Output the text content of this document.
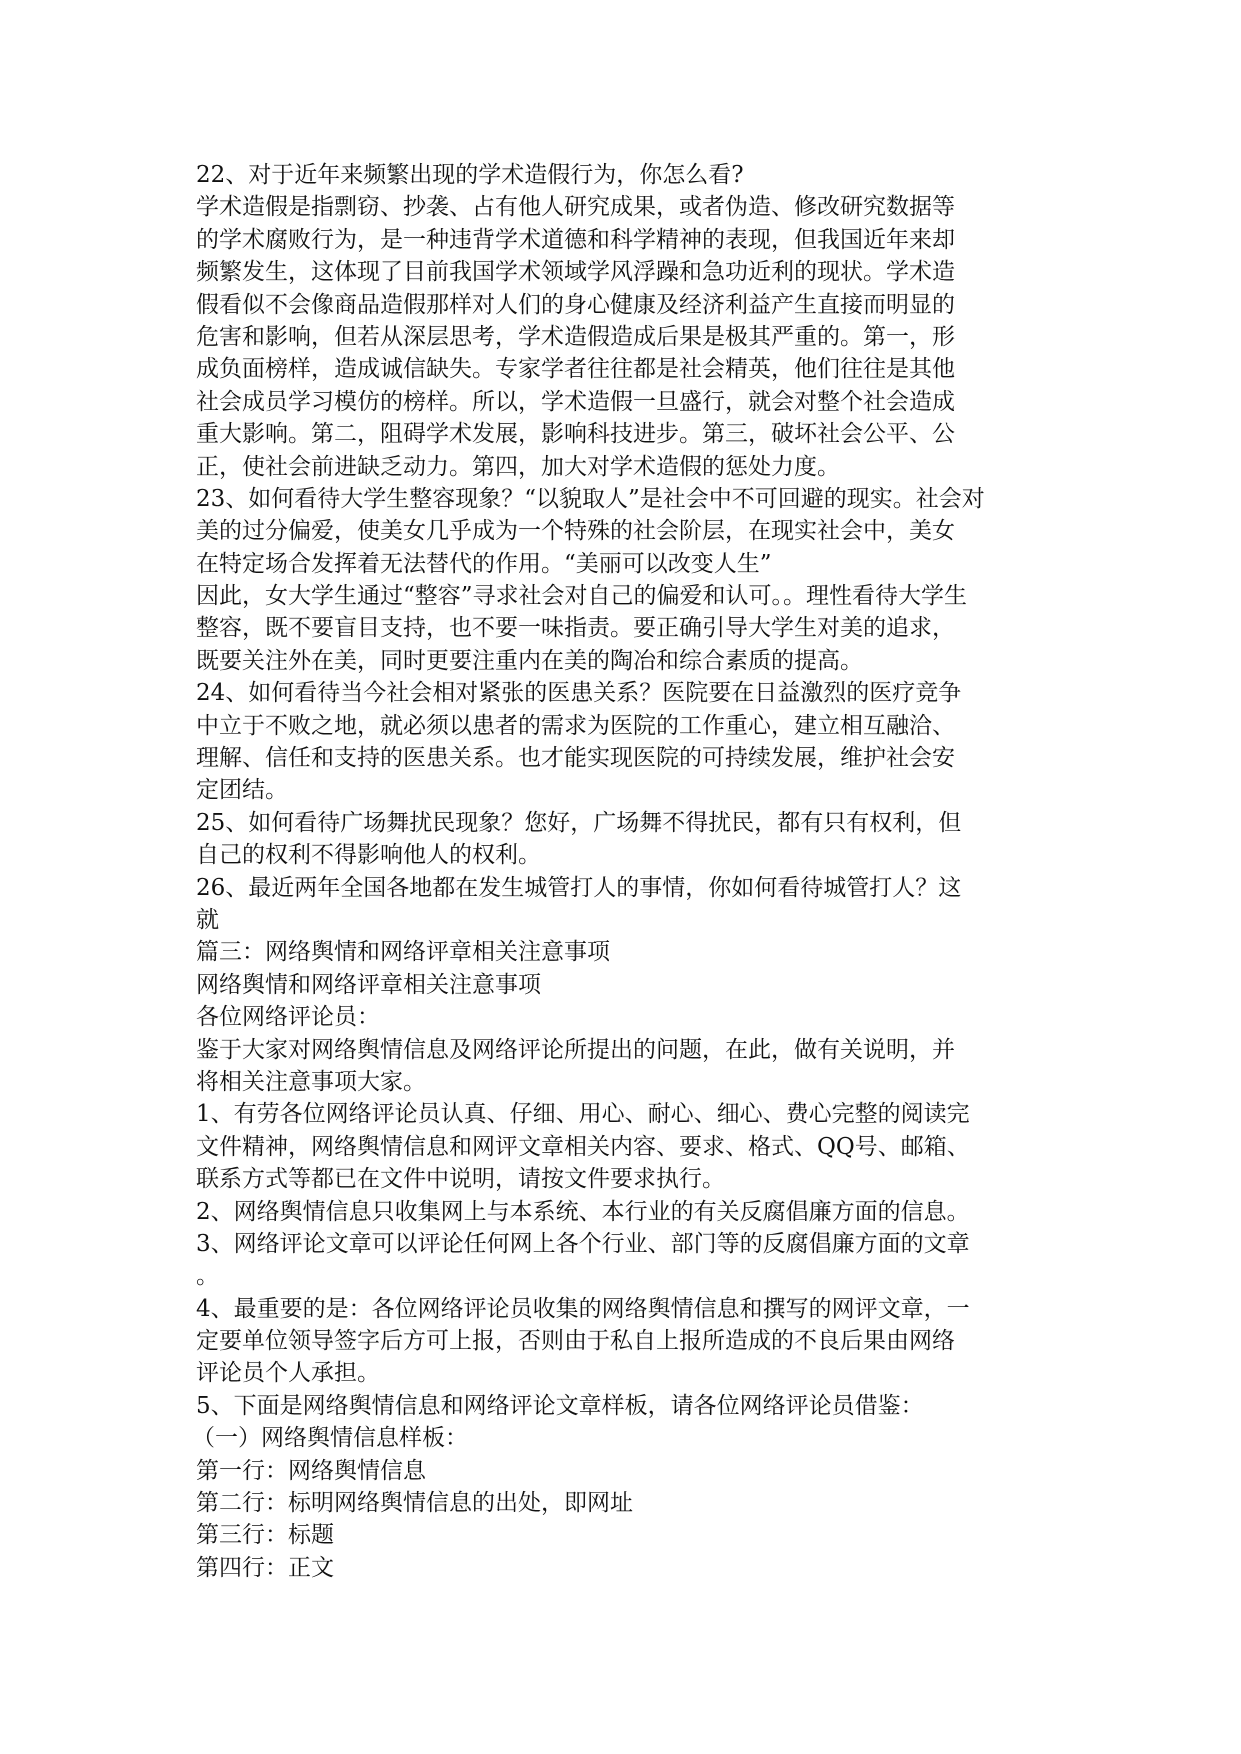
22、对于近年来频繁出现的学术造假行为，你怎么看?

学术造假是指剽窃、抄袭、占有他人研究成果，或者伪造、修改研究数据等

的学术腐败行为，是一种违背学术道德和科学精神的表现，但我国近年来却

频繁发生，这体现了目前我国学术领域学风浮躁和急功近利的现状。学术造

假看似不会像商品造假那样对人们的身心健康及经济利益产生直接而明显的

危害和影响，但若从深层思考，学术造假造成后果是极其严重的。第一，形

成负面榜样，造成诚信缺失。专家学者往往都是社会精英，他们往往是其他

社会成员学习模仿的榜样。所以，学术造假一旦盛行，就会对整个社会造成

重大影响。第二，阻碍学术发展，影响科技进步。第三，破坏社会公平、公

正，使社会前进缺乏动力。第四，加大对学术造假的惩处力度。

23、如何看待大学生整容现象？“以貌取人”是社会中不可回避的现实。社会对

美的过分偏爱，使美女几乎成为一个特殊的社会阶层，在现实社会中，美女

在特定场合发挥着无法替代的作用。“美丽可以改变人生”

因此，女大学生通过“整容”寻求社会对自己的偏爱和认可。。理性看待大学生

整容，既不要盲目支持，也不要一味指责。要正确引导大学生对美的追求，

既要关注外在美，同时更要注重内在美的陶冶和综合素质的提高。

24、如何看待当今社会相对紧张的医患关系？医院要在日益激烈的医疗竞争

中立于不败之地，就必须以患者的需求为医院的工作重心，建立相互融洽、

理解、信任和支持的医患关系。也才能实现医院的可持续发展，维护社会安

定团结。

25、如何看待广场舞扰民现象？您好，广场舞不得扰民，都有只有权利，但

自己的权利不得影响他人的权利。

26、最近两年全国各地都在发生城管打人的事情，你如何看待城管打人？这

就

篇三：网络舆情和网络评章相关注意事项

网络舆情和网络评章相关注意事项

各位网络评论员：

鉴于大家对网络舆情信息及网络评论所提出的问题，在此，做有关说明，并

将相关注意事项大家。

1、有劳各位网络评论员认真、仔细、用心、耐心、细心、费心完整的阅读完

文件精神，网络舆情信息和网评文章相关内容、要求、格式、QQ号、邮箱、

联系方式等都已在文件中说明，请按文件要求执行。

2、网络舆情信息只收集网上与本系统、本行业的有关反腐倡廉方面的信息。

3、网络评论文章可以评论任何网上各个行业、部门等的反腐倡廉方面的文章

。

4、最重要的是：各位网络评论员收集的网络舆情信息和撰写的网评文章，一

定要单位领导签字后方可上报，否则由于私自上报所造成的不良后果由网络

评论员个人承担。

5、下面是网络舆情信息和网络评论文章样板，请各位网络评论员借鉴：

（一）网络舆情信息样板：

第一行：网络舆情信息

第二行：标明网络舆情信息的出处，即网址

第三行：标题

第四行：正文
